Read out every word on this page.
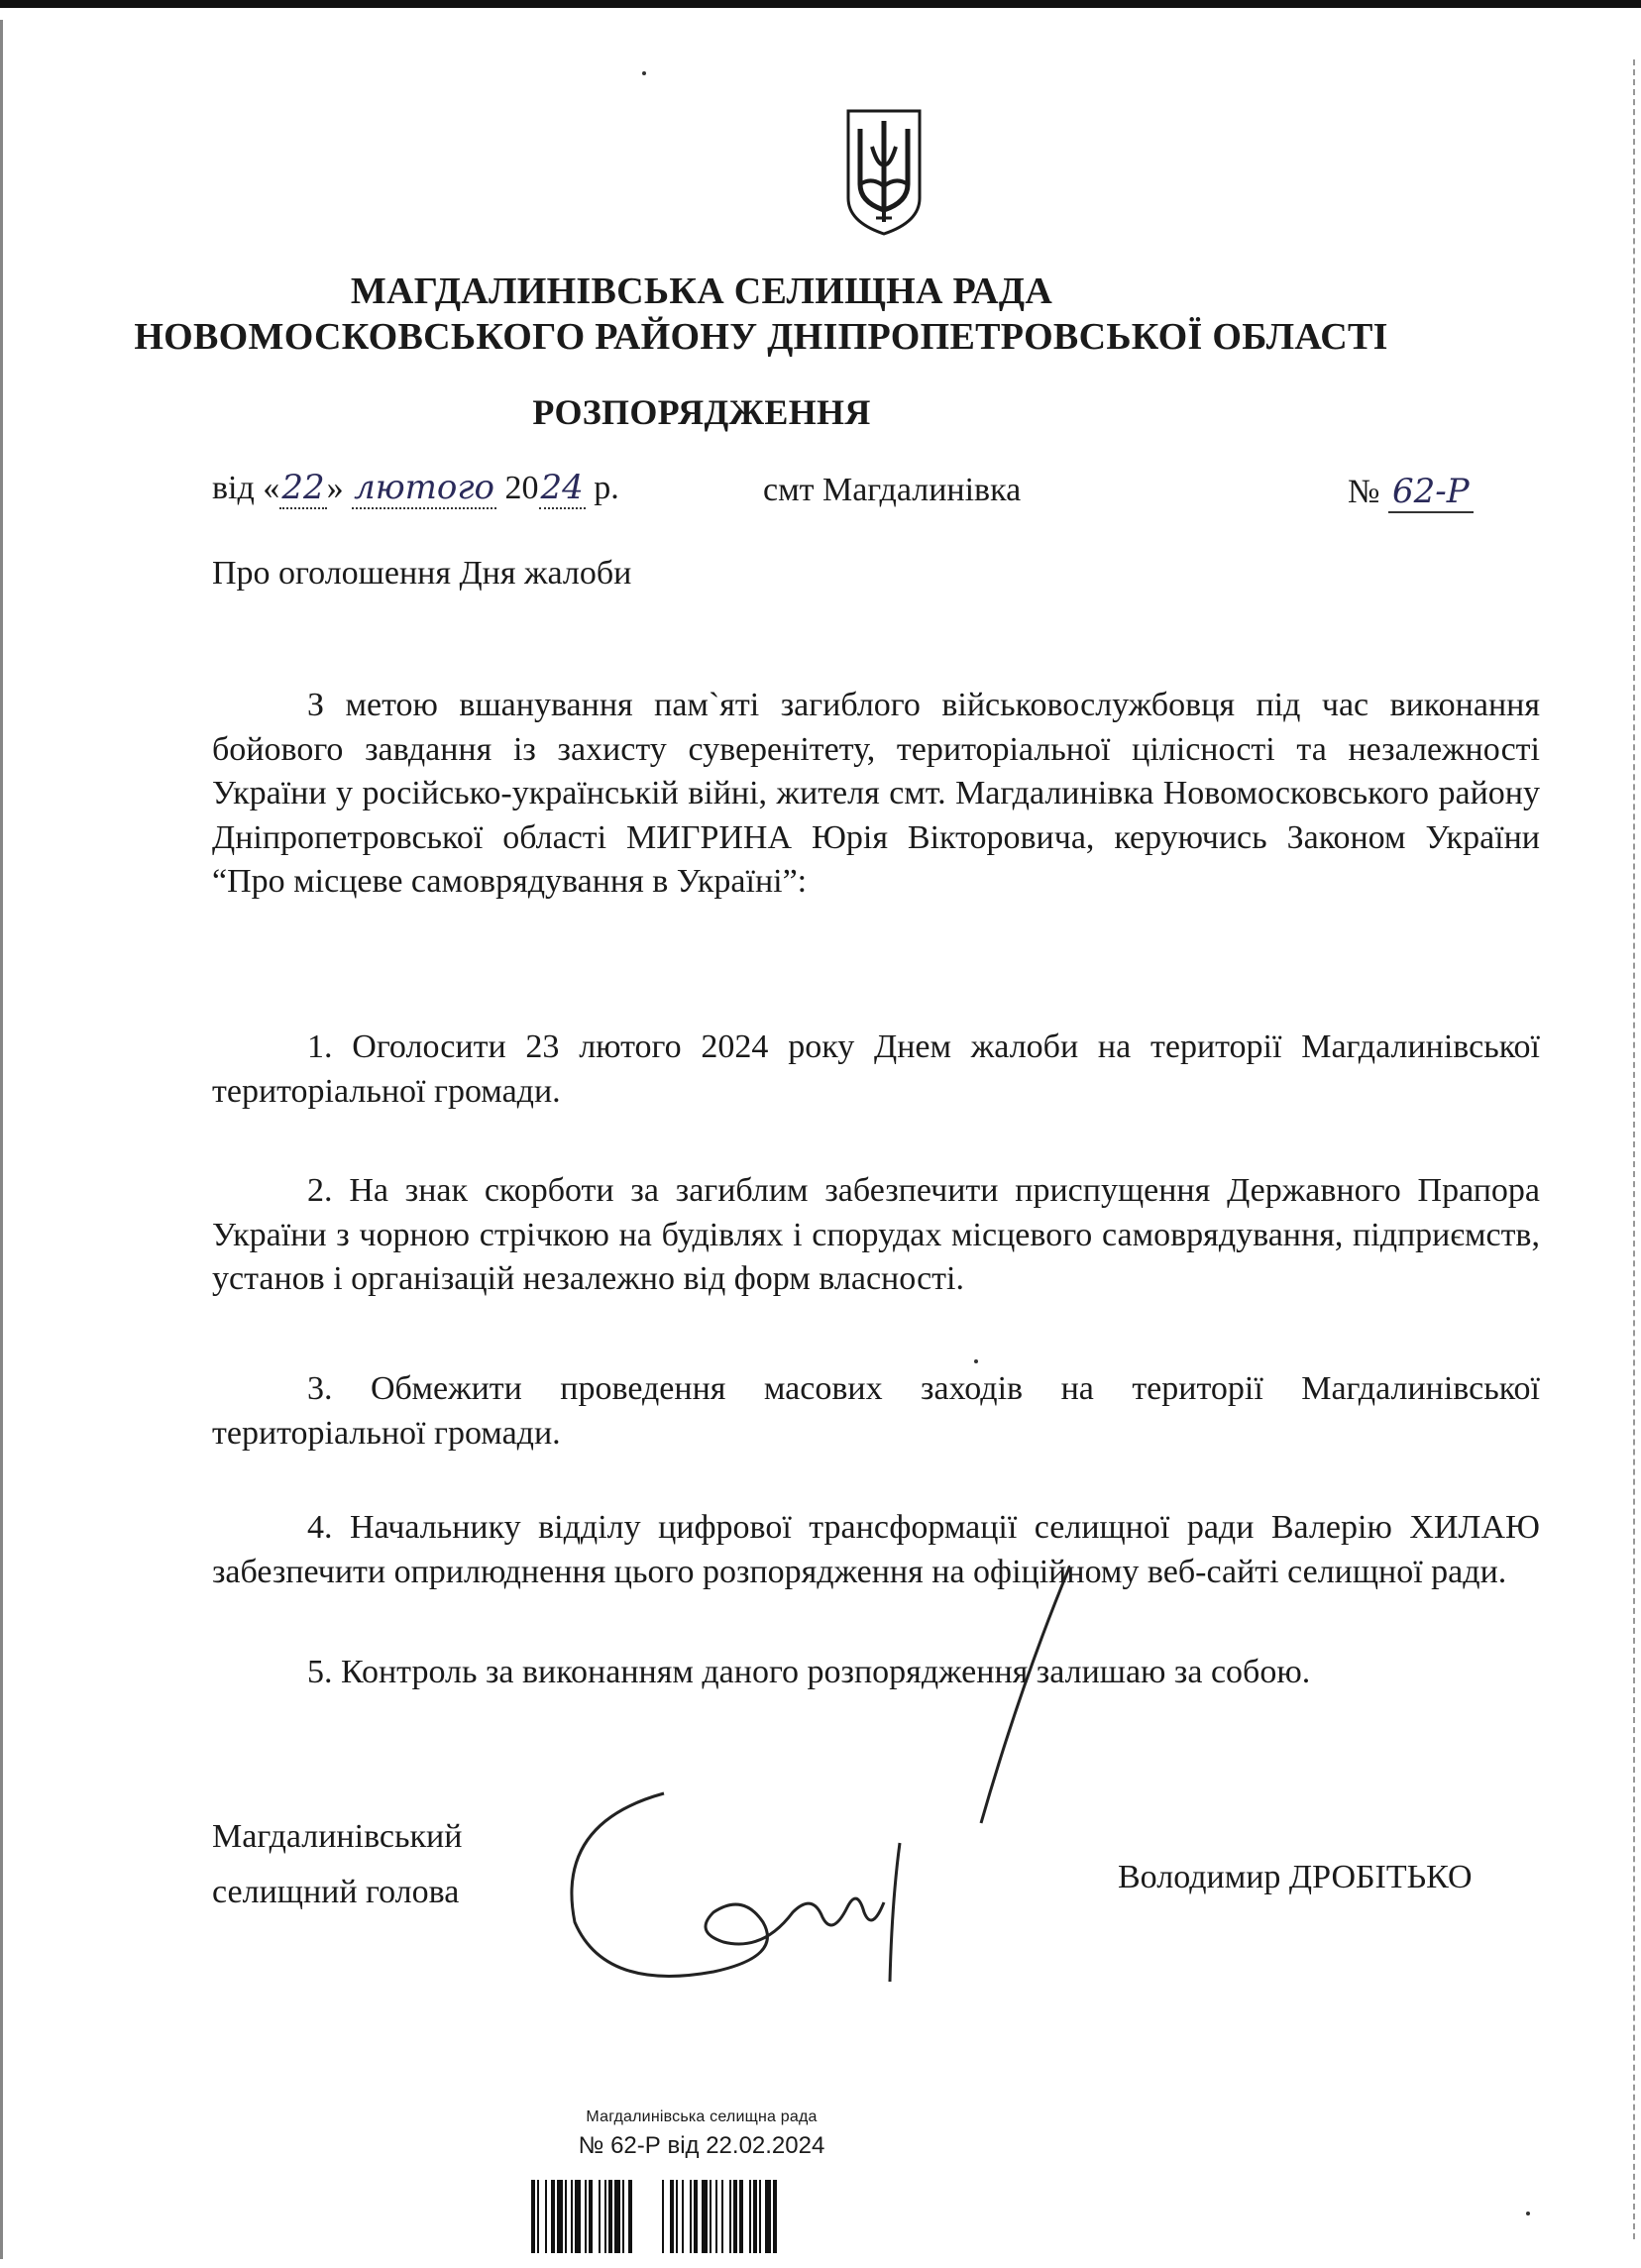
МАГДАЛИНІВСЬКА СЕЛИЩНА РАДА
НОВОМОСКОВСЬКОГО РАЙОНУ ДНІПРОПЕТРОВСЬКОЇ ОБЛАСТІ
РОЗПОРЯДЖЕННЯ
від «22» лютого 2024 р.	смт Магдалинівка	№ 62-Р
Про оголошення Дня жалоби
З метою вшанування пам`яті загиблого військовослужбовця під час виконання бойового завдання із захисту суверенітету, територіальної цілісності та незалежності України у російсько-українській війні, жителя смт. Магдалинівка Новомосковського району Дніпропетровської області МИГРИНА Юрія Вікторовича, керуючись Законом України “Про місцеве самоврядування в Україні”:
1. Оголосити 23 лютого 2024 року Днем жалоби на території Магдалинівської територіальної громади.
2. На знак скорботи за загиблим забезпечити приспущення Державного Прапора України з чорною стрічкою на будівлях і спорудах місцевого самоврядування, підприємств, установ і організацій незалежно від форм власності.
3. Обмежити проведення масових заходів на території Магдалинівської територіальної громади.
4. Начальнику відділу цифрової трансформації селищної ради Валерію ХИЛАЮ забезпечити оприлюднення цього розпорядження на офіційному веб-сайті селищної ради.
5. Контроль за виконанням даного розпорядження залишаю за собою.
Магдалинівський
селищний голова	Володимир ДРОБІТЬКО
Магдалинівська селищна рада
№ 62-Р від 22.02.2024
